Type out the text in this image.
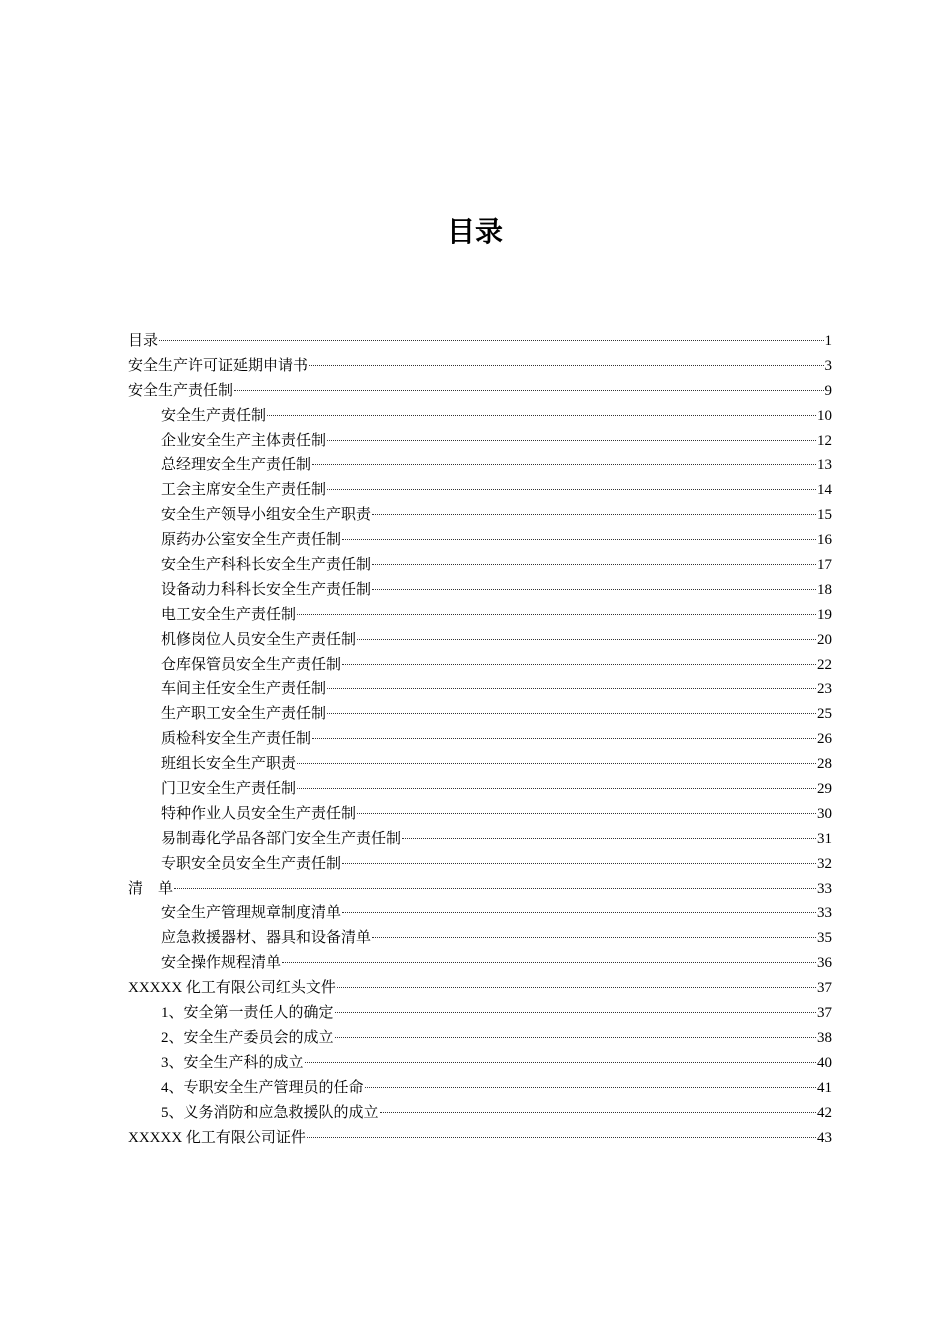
目录
目录	1
安全生产许可证延期申请书	3
安全生产责任制	9
安全生产责任制	10
企业安全生产主体责任制	12
总经理安全生产责任制	13
工会主席安全生产责任制	14
安全生产领导小组安全生产职责	15
原药办公室安全生产责任制	16
安全生产科科长安全生产责任制	17
设备动力科科长安全生产责任制	18
电工安全生产责任制	19
机修岗位人员安全生产责任制	20
仓库保管员安全生产责任制	22
车间主任安全生产责任制	23
生产职工安全生产责任制	25
质检科安全生产责任制	26
班组长安全生产职责	28
门卫安全生产责任制	29
特种作业人员安全生产责任制	30
易制毒化学品各部门安全生产责任制	31
专职安全员安全生产责任制	32
清　单	33
安全生产管理规章制度清单	33
应急救援器材、器具和设备清单	35
安全操作规程清单	36
XXXXX 化工有限公司红头文件	37
1、安全第一责任人的确定	37
2、安全生产委员会的成立	38
3、安全生产科的成立	40
4、专职安全生产管理员的任命	41
5、义务消防和应急救援队的成立	42
XXXXX 化工有限公司证件	43
